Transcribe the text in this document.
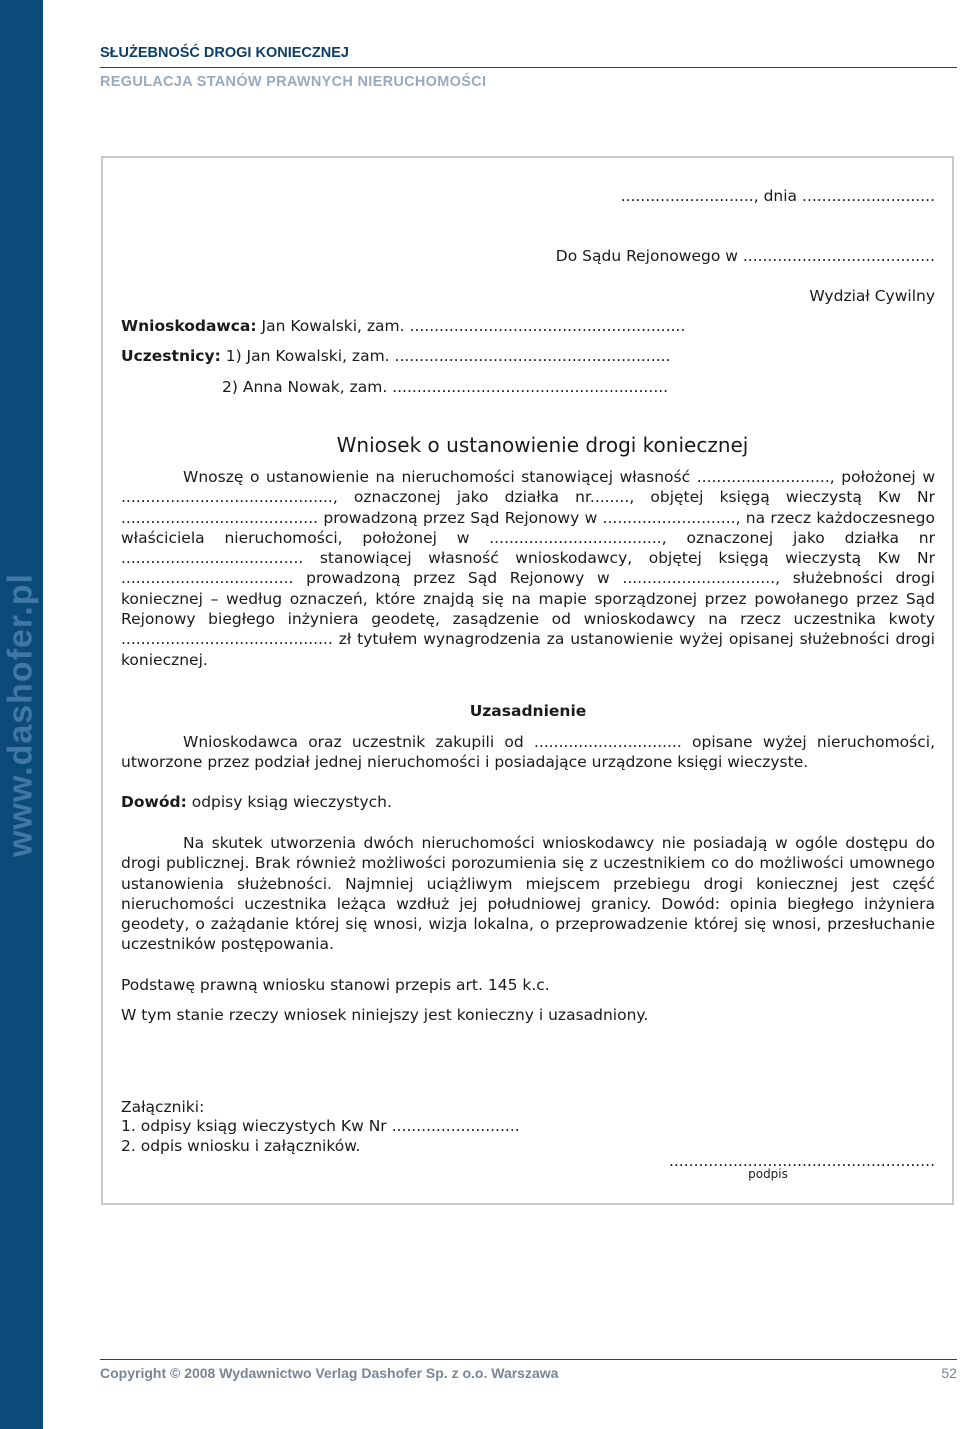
www.dashofer.pl
SŁUŻEBNOŚĆ DROGI KONIECZNEJ
REGULACJA STANÓW PRAWNYCH NIERUCHOMOŚCI
..........................., dnia ...........................
Do Sądu Rejonowego w .......................................
Wydział Cywilny
Wnioskodawca: Jan Kowalski, zam. ........................................................
Uczestnicy: 1) Jan Kowalski, zam. ........................................................
2) Anna Nowak, zam. ........................................................
Wniosek o ustanowienie drogi koniecznej

Wnoszę o ustanowienie na nieruchomości stanowiącej własność ..........................., położonej w ..........................................., oznaczonej jako działka nr........, objętej księgą wieczystą Kw Nr ........................................ prowadzoną przez Sąd Rejonowy w ..........................., na rzecz każdoczesnego właściciela nieruchomości, położonej w ..................................., oznaczonej jako działka nr ..................................... stanowiącej własność wnioskodawcy, objętej księgą wieczystą Kw Nr ................................... prowadzoną przez Sąd Rejonowy w ..............................., służebności drogi koniecznej – według oznaczeń, które znajdą się na mapie sporządzonej przez powołanego przez Sąd Rejonowy biegłego inżyniera geodetę, zasądzenie od wnioskodawcy na rzecz uczestnika kwoty ........................................... zł tytułem wynagrodzenia za ustanowienie wyżej opisanej służebności drogi koniecznej.

Uzasadnienie

Wnioskodawca oraz uczestnik zakupili od .............................. opisane wyżej nieruchomości, utworzone przez podział jednej nieruchomości i posiadające urządzone księgi wieczyste.

Dowód: odpisy ksiąg wieczystych.

Na skutek utworzenia dwóch nieruchomości wnioskodawcy nie posiadają w ogóle dostępu do drogi publicznej. Brak również możliwości porozumienia się z uczestnikiem co do możliwości umownego ustanowienia służebności. Najmniej uciążliwym miejscem przebiegu drogi koniecznej jest część nieruchomości uczestnika leżąca wzdłuż jej południowej granicy. Dowód: opinia biegłego inżyniera geodety, o zażądanie której się wnosi, wizja lokalna, o przeprowadzenie której się wnosi, przesłuchanie uczestników postępowania.

Podstawę prawną wniosku stanowi przepis art. 145 k.c.
W tym stanie rzeczy wniosek niniejszy jest konieczny i uzasadniony.
Załączniki:
1. odpisy ksiąg wieczystych Kw Nr ..........................
2. odpis wniosku i załączników.
......................................................
podpis
Copyright © 2008 Wydawnictwo Verlag Dashofer Sp. z o.o. Warszawa	52
